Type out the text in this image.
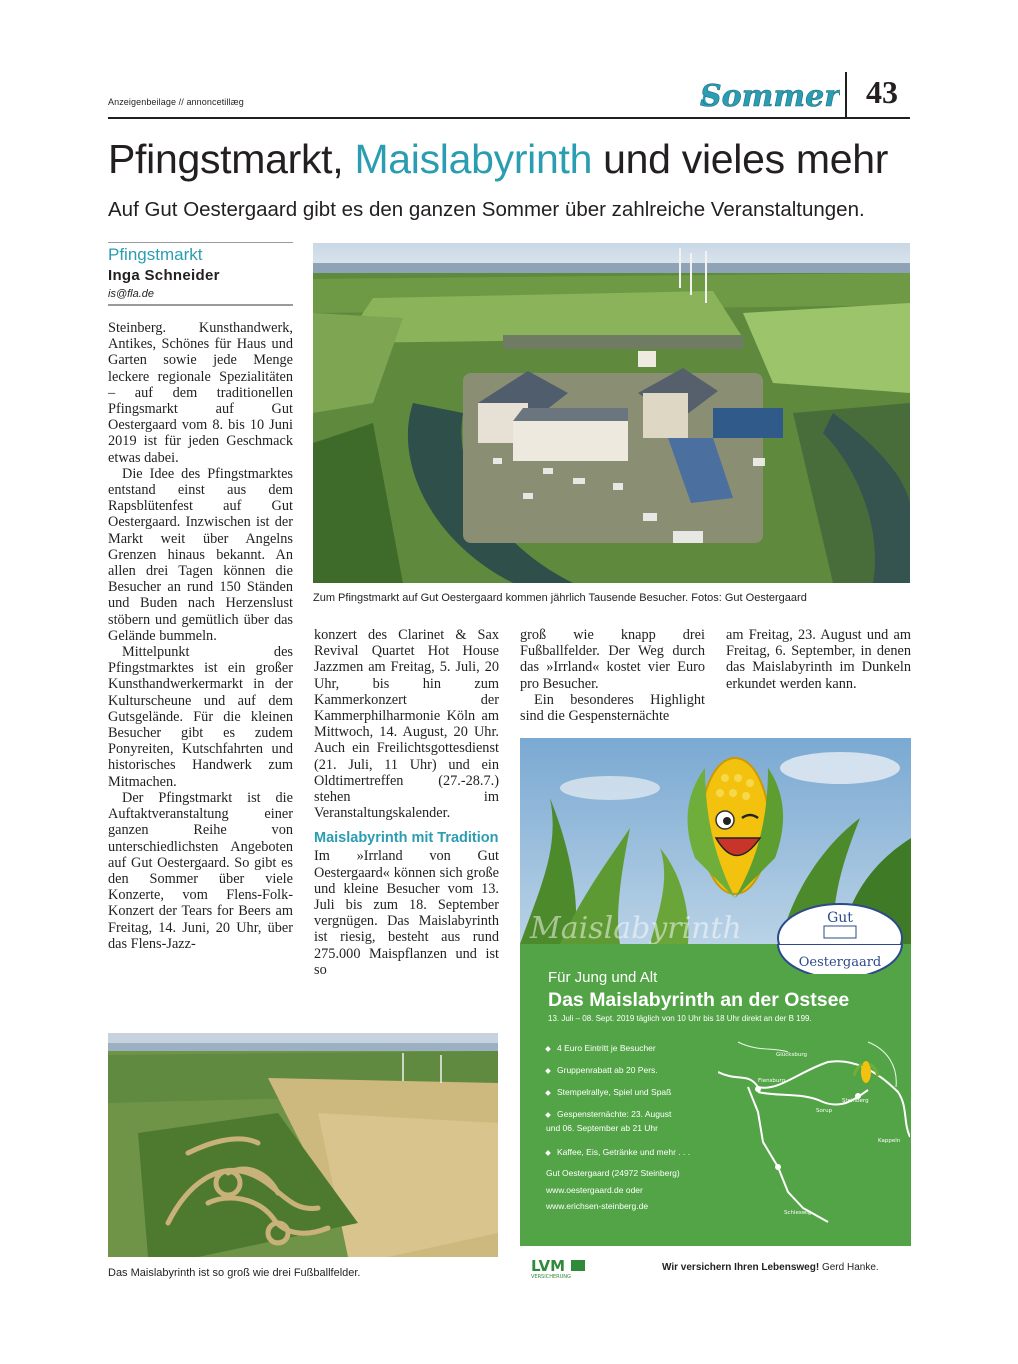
Anzeigenbeilage // annoncetillæg	Sommer 43
Pfingstmarkt, Maislabyrinth und vieles mehr
Auf Gut Oestergaard gibt es den ganzen Sommer über zahlreiche Veranstaltungen.
Pfingstmarkt
Inga Schneider
is@fla.de

Steinberg. Kunsthandwerk, Antikes, Schönes für Haus und Garten sowie jede Menge leckere regionale Spezialitäten – auf dem traditionellen Pfingsmarkt auf Gut Oestergaard vom 8. bis 10 Juni 2019 ist für jeden Geschmack etwas dabei.

Die Idee des Pfingstmarktes entstand einst aus dem Rapsblütenfest auf Gut Oestergaard. Inzwischen ist der Markt weit über Angelns Grenzen hinaus bekannt. An allen drei Tagen können die Besucher an rund 150 Ständen und Buden nach Herzenslust stöbern und gemütlich über das Gelände bummeln.

Mittelpunkt des Pfingstmarktes ist ein großer Kunsthandwerkermarkt in der Kulturscheune und auf dem Gutsgelände. Für die kleinen Besucher gibt es zudem Ponyreiten, Kutschfahrten und historisches Handwerk zum Mitmachen.

Der Pfingstmarkt ist die Auftaktveranstaltung einer ganzen Reihe von unterschiedlichsten Angeboten auf Gut Oestergaard. So gibt es den Sommer über viele Konzerte, vom Flens-Folk-Konzert der Tears for Beers am Freitag, 14. Juni, 20 Uhr, über das Flens-Jazz-

konzert des Clarinet & Sax Revival Quartet Hot House Jazzmen am Freitag, 5. Juli, 20 Uhr, bis hin zum Kammerkonzert der Kammerphilharmonie Köln am Mittwoch, 14. August, 20 Uhr. Auch ein Freilichtsgottesdienst (21. Juli, 11 Uhr) und ein Oldtimertreffen (27.-28.7.) stehen im Veranstaltungskalender.

Maislabyrinth mit Tradition

Im »Irrland von Gut Oestergaard« können sich große und kleine Besucher vom 13. Juli bis zum 18. September vergnügen. Das Maislabyrinth ist riesig, besteht aus rund 275.000 Maispflanzen und ist so

groß wie knapp drei Fußballfelder. Der Weg durch das »Irrland« kostet vier Euro pro Besucher.

Ein besonderes Highlight sind die Gespensternächte

am Freitag, 23. August und am Freitag, 6. September, in denen das Maislabyrinth im Dunkeln erkundet werden kann.

Zum Pfingstmarkt auf Gut Oestergaard kommen jährlich Tausende Besucher. Fotos: Gut Oestergaard
Das Maislabyrinth ist so groß wie drei Fußballfelder.
Maislabyrinth	Gut
Oestergaard
Für Jung und Alt
Das Maislabyrinth an der Ostsee
13. Juli – 08. Sept. 2019 täglich von 10 Uhr bis 18 Uhr direkt an der B 199.
4 Euro Eintritt je Besucher
Gruppenrabatt ab 20 Pers.
Stempelrallye, Spiel und Spaß
Gespensternächte: 23. August
und 06. September ab 21 Uhr
Kaffee, Eis, Getränke und mehr . . .
Gut Oestergaard (24972 Steinberg)
www.oestergaard.de oder
www.erichsen-steinberg.de
Glücksburg
Flensburg
Sorup
Steinberg
Kappeln
Schleswig
LVM
VERSICHERUNG
Wir versichern Ihren Lebensweg! Gerd Hanke.
